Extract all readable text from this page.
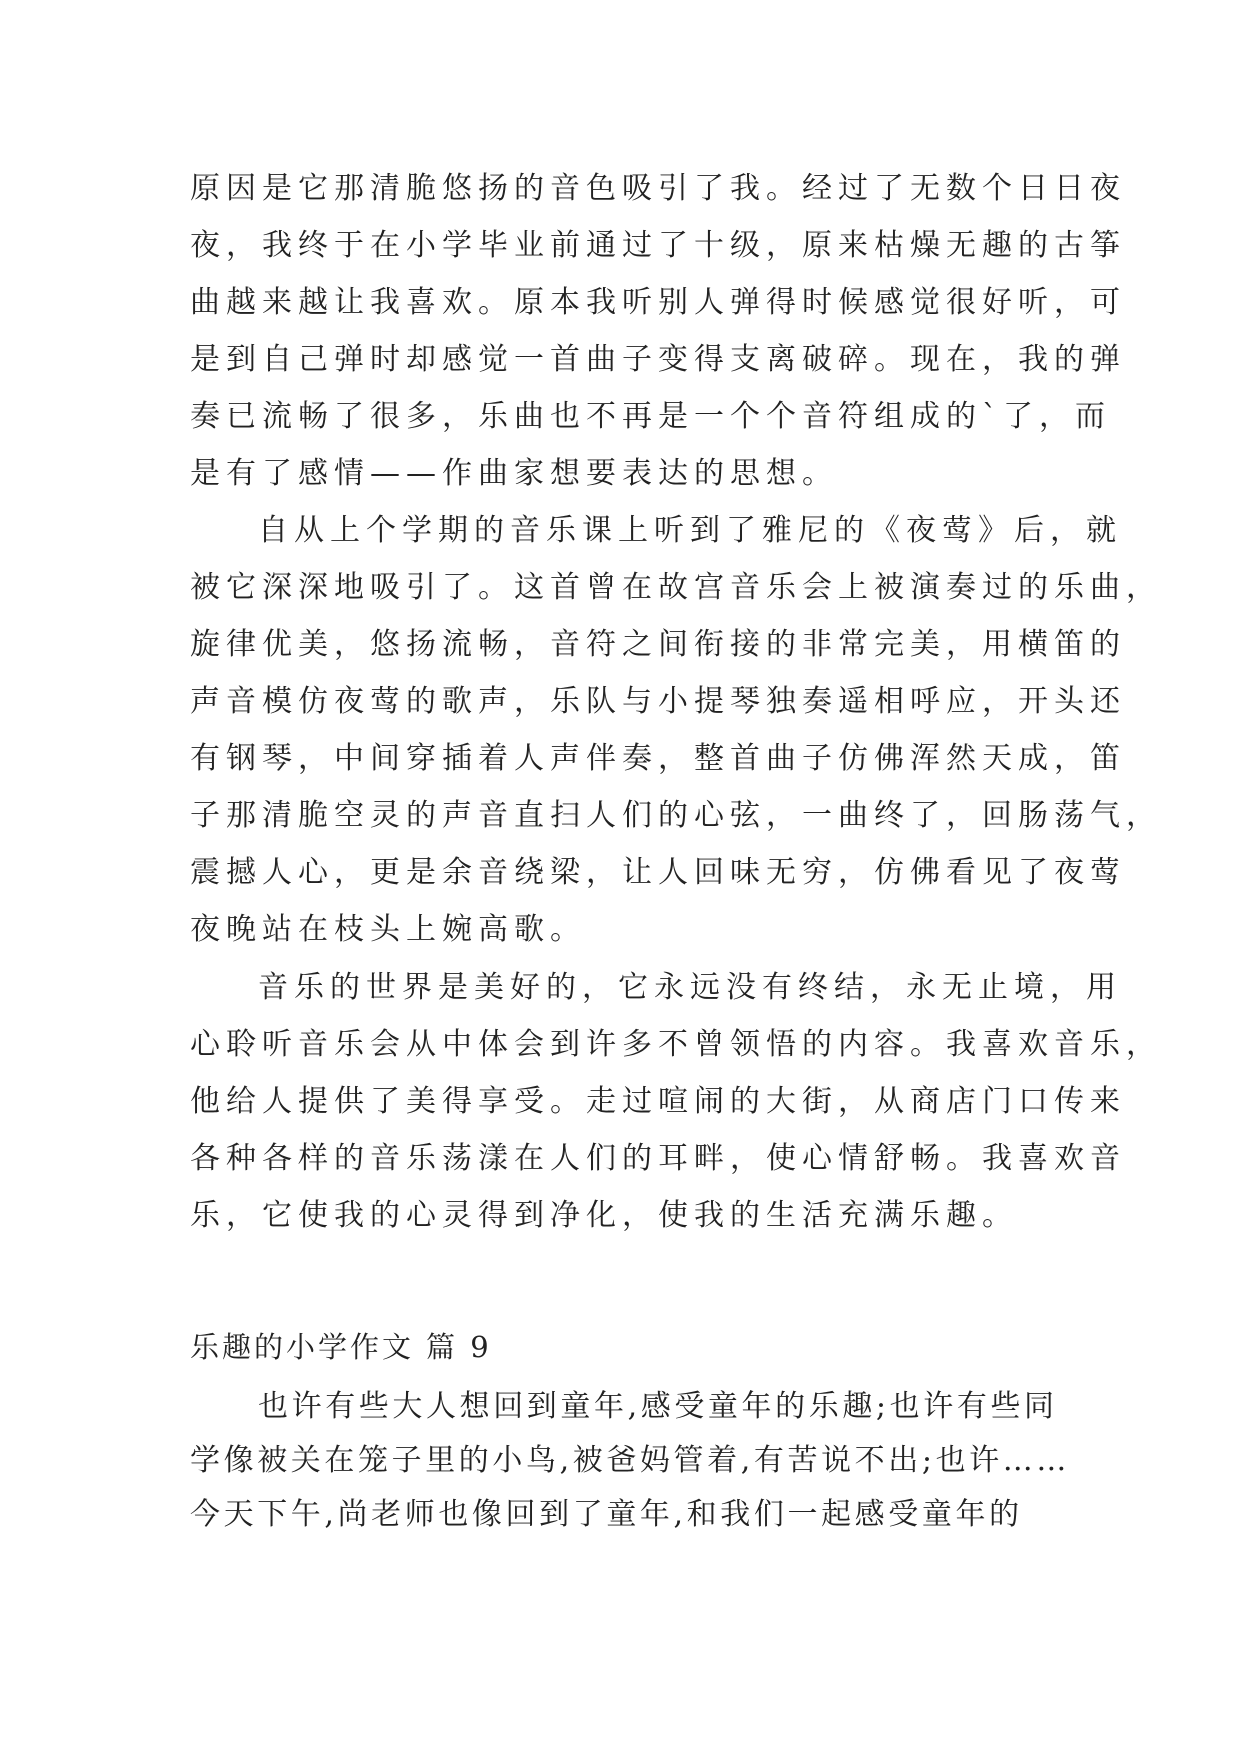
原因是它那清脆悠扬的音色吸引了我。经过了无数个日日夜
夜，我终于在小学毕业前通过了十级，原来枯燥无趣的古筝
曲越来越让我喜欢。原本我听别人弹得时候感觉很好听，可
是到自己弹时却感觉一首曲子变得支离破碎。现在，我的弹
奏已流畅了很多，乐曲也不再是一个个音符组成的`了，而
是有了感情——作曲家想要表达的思想。
自从上个学期的音乐课上听到了雅尼的《夜莺》后，就
被它深深地吸引了。这首曾在故宫音乐会上被演奏过的乐曲，
旋律优美，悠扬流畅，音符之间衔接的非常完美，用横笛的
声音模仿夜莺的歌声，乐队与小提琴独奏遥相呼应，开头还
有钢琴，中间穿插着人声伴奏，整首曲子仿佛浑然天成，笛
子那清脆空灵的声音直扫人们的心弦，一曲终了，回肠荡气，
震撼人心，更是余音绕梁，让人回味无穷，仿佛看见了夜莺
夜晚站在枝头上婉高歌。
音乐的世界是美好的，它永远没有终结，永无止境，用
心聆听音乐会从中体会到许多不曾领悟的内容。我喜欢音乐，
他给人提供了美得享受。走过喧闹的大街，从商店门口传来
各种各样的音乐荡漾在人们的耳畔，使心情舒畅。我喜欢音
乐，它使我的心灵得到净化，使我的生活充满乐趣。
乐趣的小学作文 篇 9
也许有些大人想回到童年,感受童年的乐趣;也许有些同
学像被关在笼子里的小鸟,被爸妈管着,有苦说不出;也许……
今天下午,尚老师也像回到了童年,和我们一起感受童年的
